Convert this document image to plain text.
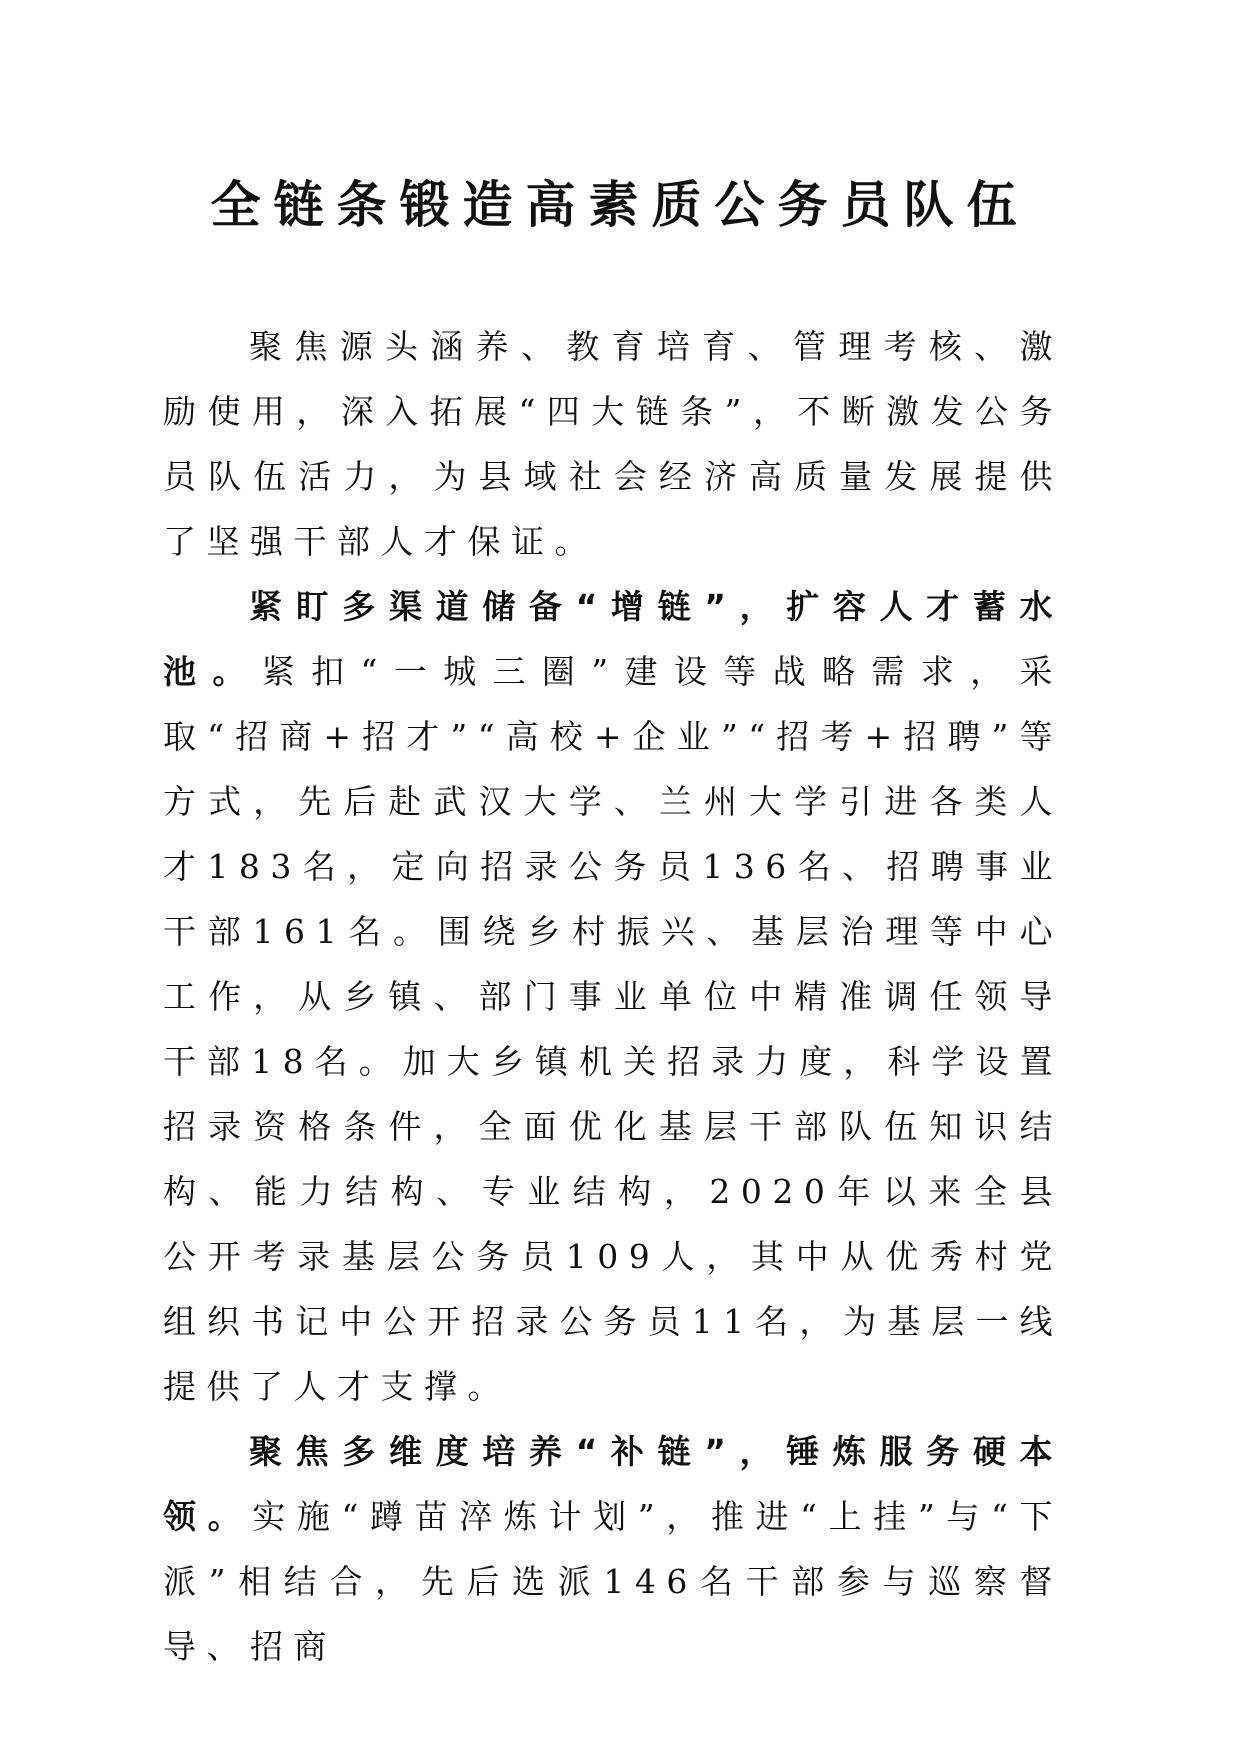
全链条锻造高素质公务员队伍

聚焦源头涵养、教育培育、管理考核、激励使用，深入拓展“四大链条”，不断激发公务员队伍活力，为县域社会经济高质量发展提供了坚强干部人才保证。

紧盯多渠道储备“增链”，扩容人才蓄水池。紧扣“一城三圈”建设等战略需求，采取“招商+招才”“高校+企业”“招考+招聘”等方式，先后赴武汉大学、兰州大学引进各类人才183名，定向招录公务员136名、招聘事业干部161名。围绕乡村振兴、基层治理等中心工作，从乡镇、部门事业单位中精准调任领导干部18名。加大乡镇机关招录力度，科学设置招录资格条件，全面优化基层干部队伍知识结构、能力结构、专业结构，2020年以来全县公开考录基层公务员109人，其中从优秀村党组织书记中公开招录公务员11名，为基层一线提供了人才支撑。

聚焦多维度培养“补链”，锤炼服务硬本领。实施“蹲苗淬炼计划”，推进“上挂”与“下派”相结合，先后选派146名干部参与巡察督导、招商
